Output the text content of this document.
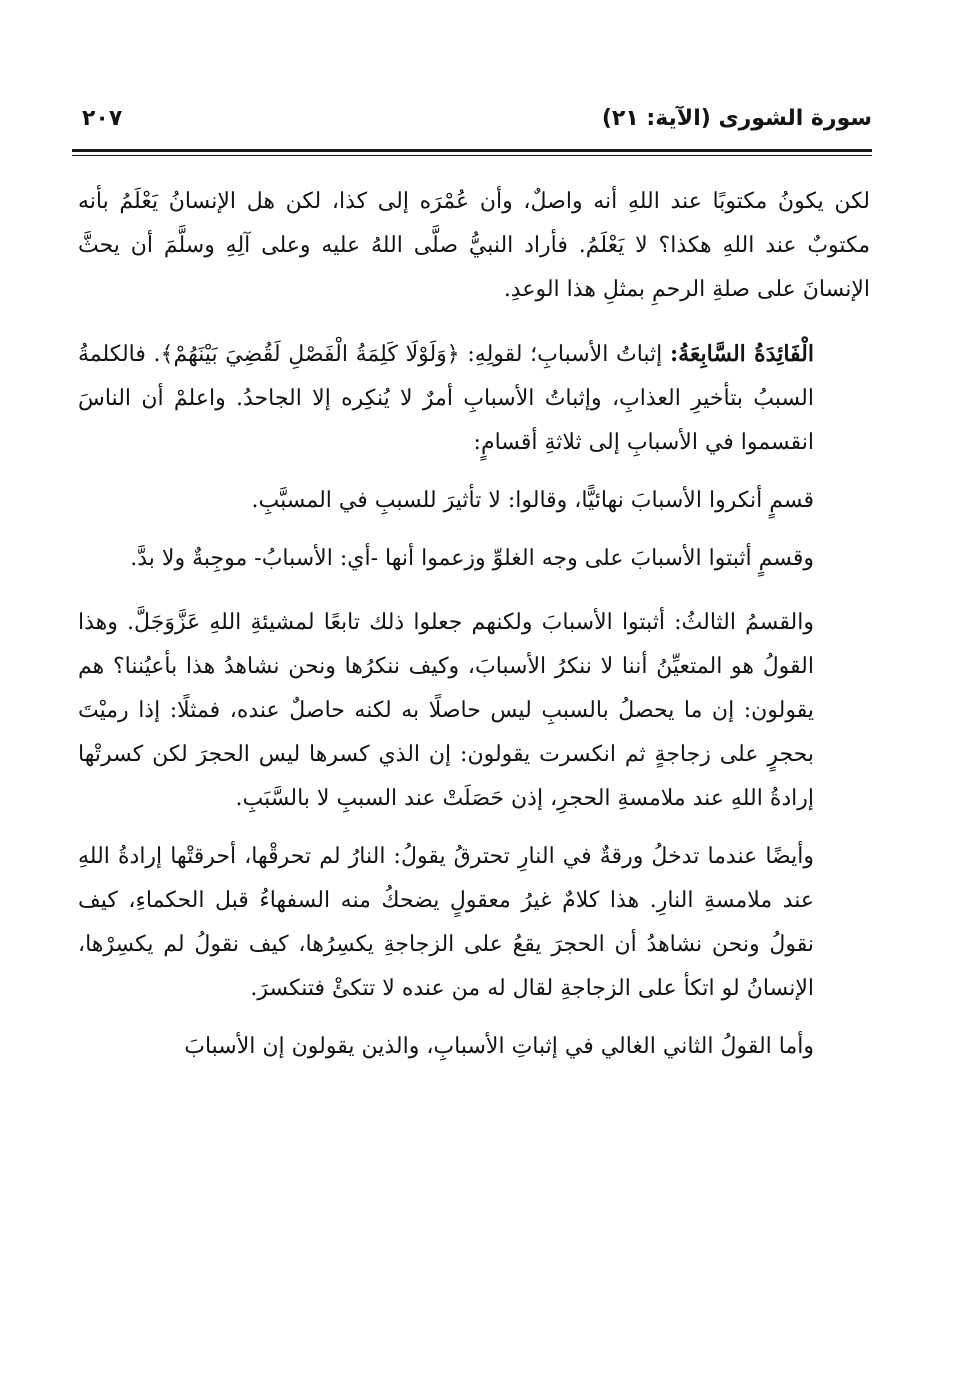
سورة الشورى (الآية: ٢١)
٢٠٧

لكن يكونُ مكتوبًا عند اللهِ أنه واصلٌ، وأن عُمْرَه إلى كذا، لكن هل الإنسانُ يَعْلَمُ بأنه مكتوبٌ عند اللهِ هكذا؟ لا يَعْلَمُ. فأراد النبيُّ صلَّى اللهُ عليه وعلى آلِهِ وسلَّمَ أن يحثَّ الإنسانَ على صلةِ الرحمِ بمثلِ هذا الوعدِ.

الْفَائِدَةُ السَّابِعَةُ: إثباتُ الأسبابِ؛ لقولِهِ: ﴿وَلَوْلَا كَلِمَةُ الْفَصْلِ لَقُضِيَ بَيْنَهُمْ﴾. فالكلمةُ السببُ بتأخيرِ العذابِ، وإثباتُ الأسبابِ أمرٌ لا يُنكِره إلا الجاحدُ. واعلمْ أن الناسَ انقسموا في الأسبابِ إلى ثلاثةِ أقسامٍ:

قسمٍ أنكروا الأسبابَ نهائيًّا، وقالوا: لا تأثيرَ للسببِ في المسبَّبِ.

وقسمٍ أثبتوا الأسبابَ على وجه الغلوِّ وزعموا أنها -أي: الأسبابُ- موجِبةٌ ولا بدَّ.

والقسمُ الثالثُ: أثبتوا الأسبابَ ولكنهم جعلوا ذلك تابعًا لمشيئةِ اللهِ عَزَّوَجَلَّ. وهذا القولُ هو المتعيِّنُ أننا لا ننكرُ الأسبابَ، وكيف ننكرُها ونحن نشاهدُ هذا بأعيُننا؟ هم يقولون: إن ما يحصلُ بالسببِ ليس حاصلًا به لكنه حاصلٌ عنده، فمثلًا: إذا رميْتَ بحجرٍ على زجاجةٍ ثم انكسرت يقولون: إن الذي كسرها ليس الحجرَ لكن كسرتْها إرادةُ اللهِ عند ملامسةِ الحجرِ، إذن حَصَلَتْ عند السببِ لا بالسَّبَبِ.

وأيضًا عندما تدخلُ ورقةٌ في النارِ تحترقُ يقولُ: النارُ لم تحرقْها، أحرقتْها إرادةُ اللهِ عند ملامسةِ النارِ. هذا كلامٌ غيرُ معقولٍ يضحكُ منه السفهاءُ قبل الحكماءِ، كيف نقولُ ونحن نشاهدُ أن الحجرَ يقعُ على الزجاجةِ يكسِرُها، كيف نقولُ لم يكسِرْها، الإنسانُ لو اتكأ على الزجاجةِ لقال له من عنده لا تتكئْ فتنكسرَ.

وأما القولُ الثاني الغالي في إثباتِ الأسبابِ، والذين يقولون إن الأسبابَ
